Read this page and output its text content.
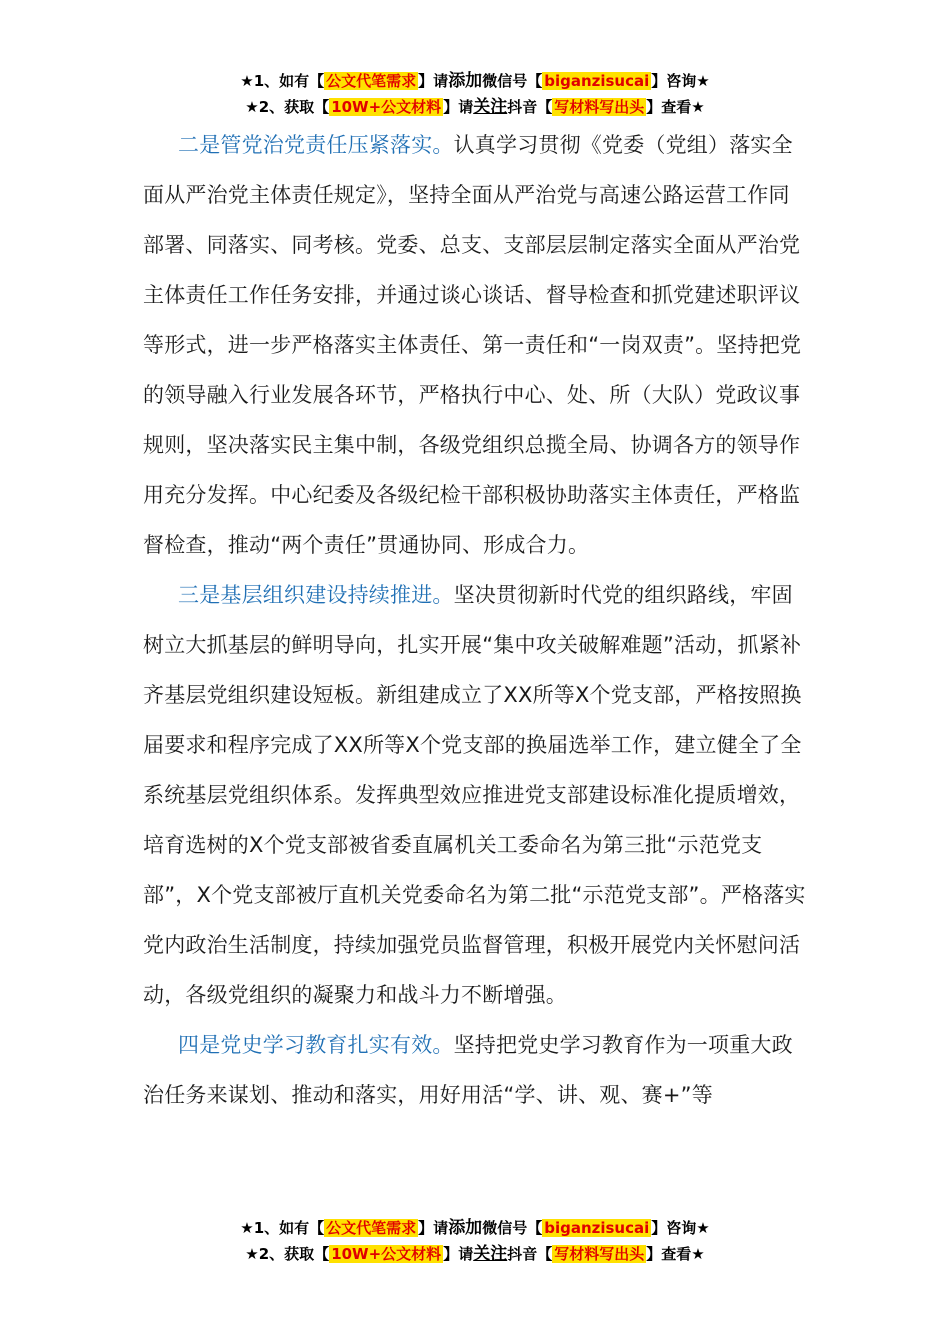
★1、如有【 公文代笔需求 】请添加微信号【 biganzisucai 】咨询★
★2、获取【 10W+公文材料 】请关注抖音【 写材料写出头 】查看★

二是管党治党责任压紧落实。认真学习贯彻《党委（党组）落实全面从严治党主体责任规定》，坚持全面从严治党与高速公路运营工作同部署、同落实、同考核。党委、总支、支部层层制定落实全面从严治党主体责任工作任务安排，并通过谈心谈话、督导检查和抓党建述职评议等形式，进一步严格落实主体责任、第一责任和“一岗双责”。坚持把党的领导融入行业发展各环节，严格执行中心、处、所（大队）党政议事规则，坚决落实民主集中制，各级党组织总揽全局、协调各方的领导作用充分发挥。中心纪委及各级纪检干部积极协助落实主体责任，严格监督检查，推动“两个责任”贯通协同、形成合力。

三是基层组织建设持续推进。坚决贯彻新时代党的组织路线，牢固树立大抓基层的鲜明导向，扎实开展“集中攻关破解难题”活动，抓紧补齐基层党组织建设短板。新组建成立了XX所等X个党支部，严格按照换届要求和程序完成了XX所等X个党支部的换届选举工作，建立健全了全系统基层党组织体系。发挥典型效应推进党支部建设标准化提质增效，培育选树的X个党支部被省委直属机关工委命名为第三批“示范党支部”，X个党支部被厅直机关党委命名为第二批“示范党支部”。严格落实党内政治生活制度，持续加强党员监督管理，积极开展党内关怀慰问活动，各级党组织的凝聚力和战斗力不断增强。

四是党史学习教育扎实有效。坚持把党史学习教育作为一项重大政治任务来谋划、推动和落实，用好用活“学、讲、观、赛+”等

★1、如有【 公文代笔需求 】请添加微信号【 biganzisucai 】咨询★
★2、获取【 10W+公文材料 】请关注抖音【 写材料写出头 】查看★
